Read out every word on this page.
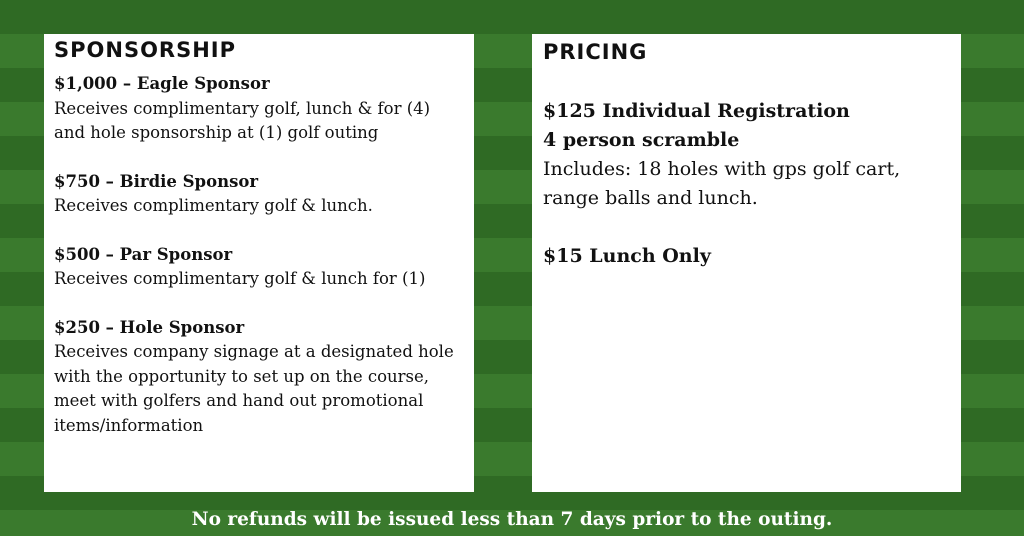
SPONSORSHIP
$1,000 – Eagle Sponsor
Receives complimentary golf, lunch & for (4) and hole sponsorship at (1) golf outing
$750 – Birdie Sponsor
Receives complimentary golf & lunch.
$500 – Par Sponsor
Receives complimentary golf & lunch for (1)
$250 – Hole Sponsor
Receives company signage at a designated hole with the opportunity to set up on the course, meet with golfers and hand out promotional items/information
PRICING
$125 Individual Registration
4 person scramble
Includes: 18 holes with gps golf cart, range balls and lunch.
$15 Lunch Only
No refunds will be issued less than 7 days prior to the outing.
